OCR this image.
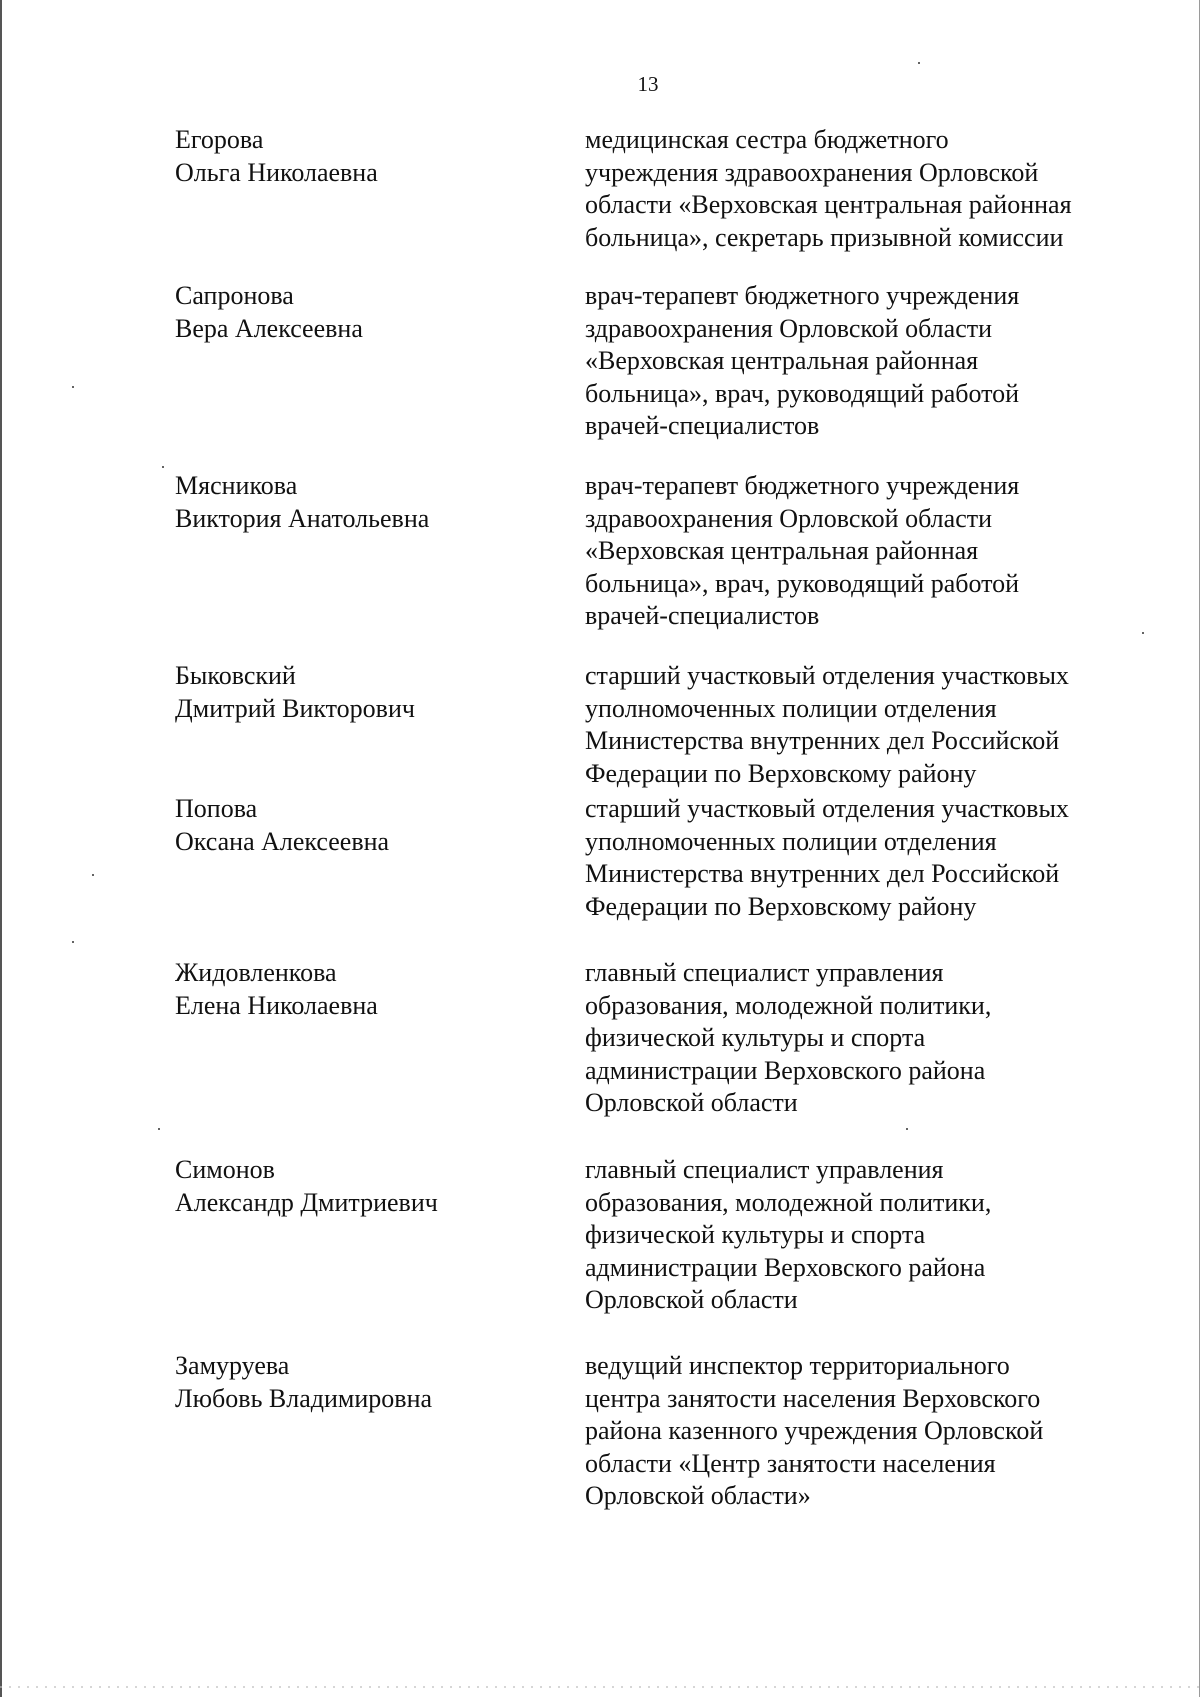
13
Егорова
Ольга Николаевна
медицинская сестра бюджетного
учреждения здравоохранения Орловской
области «Верховская центральная районная
больница», секретарь призывной комиссии
Сапронова
Вера Алексеевна
врач-терапевт бюджетного учреждения
здравоохранения Орловской области
«Верховская центральная районная
больница», врач, руководящий работой
врачей-специалистов
Мясникова
Виктория Анатольевна
врач-терапевт бюджетного учреждения
здравоохранения Орловской области
«Верховская центральная районная
больница», врач, руководящий работой
врачей-специалистов
Быковский
Дмитрий Викторович
старший участковый отделения участковых
уполномоченных полиции отделения
Министерства внутренних дел Российской
Федерации по Верховскому району
Попова
Оксана Алексеевна
старший участковый отделения участковых
уполномоченных полиции отделения
Министерства внутренних дел Российской
Федерации по Верховскому району
Жидовленкова
Елена Николаевна
главный специалист управления
образования, молодежной политики,
физической культуры и спорта
администрации Верховского района
Орловской области
Симонов
Александр Дмитриевич
главный специалист управления
образования, молодежной политики,
физической культуры и спорта
администрации Верховского района
Орловской области
Замуруева
Любовь Владимировна
ведущий инспектор территориального
центра занятости населения Верховского
района казенного учреждения Орловской
области «Центр занятости населения
Орловской области»
